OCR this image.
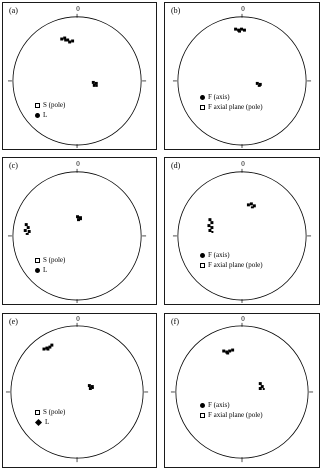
(a)	0
S (pole)
L
(b)	0
F (axis)
F axial plane (pole)
(c)	0
S (pole)
L
(d)	0
F (axis)
F axial plane (pole)
(e)	0
S (pole)
L
(f)	0
F (axis)
F axial plane (pole)
